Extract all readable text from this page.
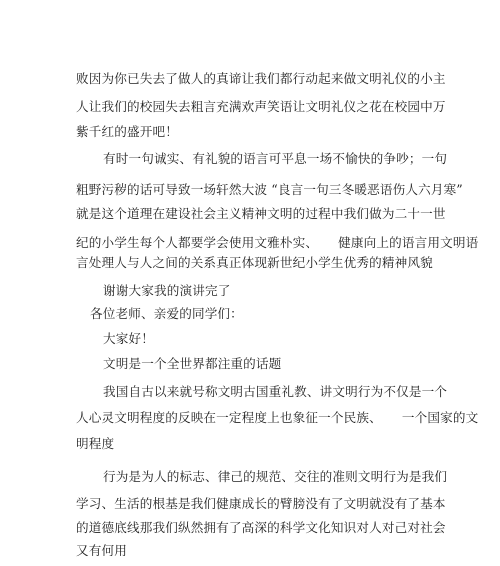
败因为你已失去了做人的真谛让我们都行动起来做文明礼仪的小主
人让我们的校园失去粗言充满欢声笑语让文明礼仪之花在校园中万
紫千红的盛开吧！
有时一句诚实、有礼貌的语言可平息一场不愉快的争吵；一句
粗野污秽的话可导致一场轩然大波 “良言一句三冬暖恶语伤人六月寒”
就是这个道理在建设社会主义精神文明的过程中我们做为二十一世
纪的小学生每个人都要学会使用文雅朴实、 健康向上的语言用文明语
言处理人与人之间的关系真正体现新世纪小学生优秀的精神风貌
谢谢大家我的演讲完了
各位老师、亲爱的同学们：
大家好！
文明是一个全世界都注重的话题
我国自古以来就号称文明古国重礼教、讲文明行为不仅是一个
人心灵文明程度的反映在一定程度上也象征一个民族、 一个国家的文
明程度
行为是为人的标志、律己的规范、交往的准则文明行为是我们
学习、生活的根基是我们健康成长的臂膀没有了文明就没有了基本
的道德底线那我们纵然拥有了高深的科学文化知识对人对己对社会
又有何用
